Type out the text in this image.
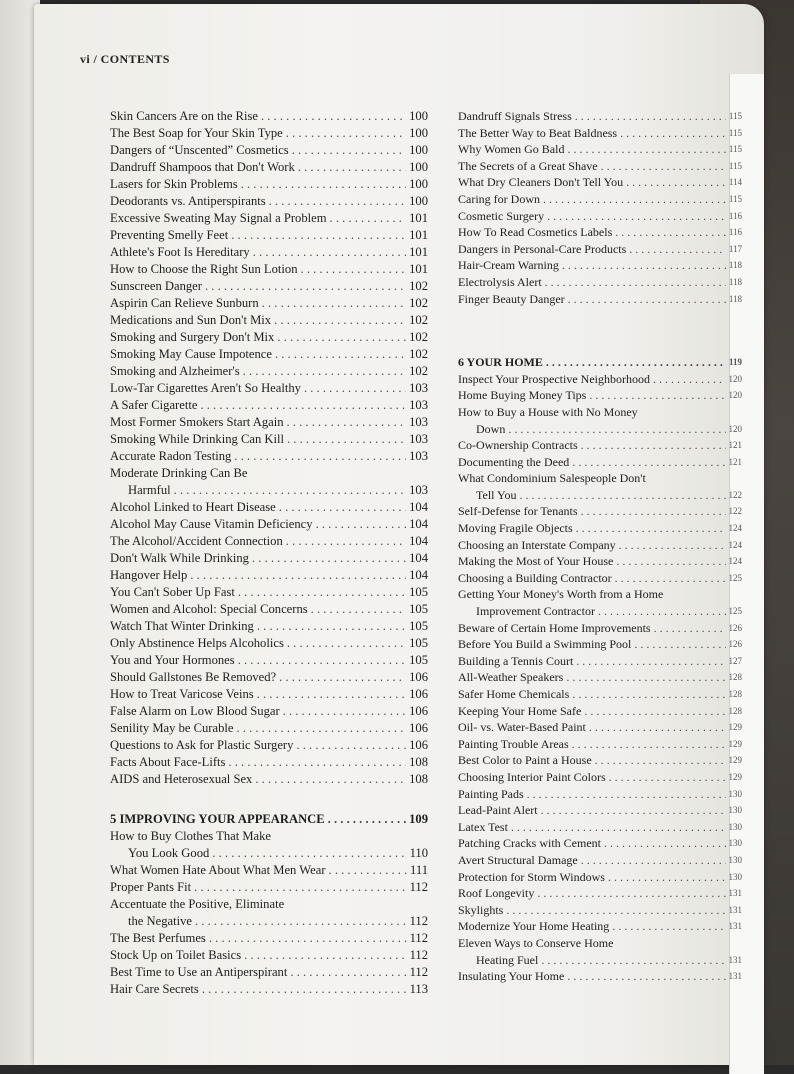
vi / CONTENTS
Skin Cancers Are on the Rise . . .	100
The Best Soap for Your Skin Type . . .	100
Dangers of “Unscented” Cosmetics . . .	100
Dandruff Shampoos that Don't Work . . .	100
Lasers for Skin Problems . . .	100
Deodorants vs. Antiperspirants . . .	100
Excessive Sweating May Signal a Problem . . .	101
Preventing Smelly Feet . . .	101
Athlete's Foot Is Hereditary . . .	101
How to Choose the Right Sun Lotion . . .	101
Sunscreen Danger . . .	102
Aspirin Can Relieve Sunburn . . .	102
Medications and Sun Don't Mix . . .	102
Smoking and Surgery Don't Mix . . .	102
Smoking May Cause Impotence . . .	102
Smoking and Alzheimer's . . .	102
Low-Tar Cigarettes Aren't So Healthy . . .	103
A Safer Cigarette . . .	103
Most Former Smokers Start Again . . .	103
Smoking While Drinking Can Kill . . .	103
Accurate Radon Testing . . .	103
Moderate Drinking Can Be
Harmful . . .	103
Alcohol Linked to Heart Disease . . .	104
Alcohol May Cause Vitamin Deficiency . . .	104
The Alcohol/Accident Connection . . .	104
Don't Walk While Drinking . . .	104
Hangover Help . . .	104
You Can't Sober Up Fast . . .	105
Women and Alcohol: Special Concerns . . .	105
Watch That Winter Drinking . . .	105
Only Abstinence Helps Alcoholics . . .	105
You and Your Hormones . . .	105
Should Gallstones Be Removed? . . .	106
How to Treat Varicose Veins . . .	106
False Alarm on Low Blood Sugar . . .	106
Senility May be Curable . . .	106
Questions to Ask for Plastic Surgery . . .	106
Facts About Face-Lifts . . .	108
AIDS and Heterosexual Sex . . .	108
5 IMPROVING YOUR APPEARANCE . . .	109
How to Buy Clothes That Make
You Look Good . . .	110
What Women Hate About What Men Wear . . .	111
Proper Pants Fit . . .	112
Accentuate the Positive, Eliminate
the Negative . . .	112
The Best Perfumes . . .	112
Stock Up on Toilet Basics . . .	112
Best Time to Use an Antiperspirant . . .	112
Hair Care Secrets . . .	113
Dandruff Signals Stress . . .	115
The Better Way to Beat Baldness . . .	115
Why Women Go Bald . . .	115
The Secrets of a Great Shave . . .	115
What Dry Cleaners Don't Tell You . . .	114
Caring for Down . . .	115
Cosmetic Surgery . . .	116
How To Read Cosmetics Labels . . .	116
Dangers in Personal-Care Products . . .	117
Hair-Cream Warning . . .	118
Electrolysis Alert . . .	118
Finger Beauty Danger . . .	118
6 YOUR HOME . . .	119
Inspect Your Prospective Neighborhood . . .	120
Home Buying Money Tips . . .	120
How to Buy a House with No Money
Down . . .	120
Co-Ownership Contracts . . .	121
Documenting the Deed . . .	121
What Condominium Salespeople Don't
Tell You . . .	122
Self-Defense for Tenants . . .	122
Moving Fragile Objects . . .	124
Choosing an Interstate Company . . .	124
Making the Most of Your House . . .	124
Choosing a Building Contractor . . .	125
Getting Your Money's Worth from a Home
Improvement Contractor . . .	125
Beware of Certain Home Improvements . . .	126
Before You Build a Swimming Pool . . .	126
Building a Tennis Court . . .	127
All-Weather Speakers . . .	128
Safer Home Chemicals . . .	128
Keeping Your Home Safe . . .	128
Oil- vs. Water-Based Paint . . .	129
Painting Trouble Areas . . .	129
Best Color to Paint a House . . .	129
Choosing Interior Paint Colors . . .	129
Painting Pads . . .	130
Lead-Paint Alert . . .	130
Latex Test . . .	130
Patching Cracks with Cement . . .	130
Avert Structural Damage . . .	130
Protection for Storm Windows . . .	130
Roof Longevity . . .	131
Skylights . . .	131
Modernize Your Home Heating . . .	131
Eleven Ways to Conserve Home
Heating Fuel . . .	131
Insulating Your Home . . .	131
